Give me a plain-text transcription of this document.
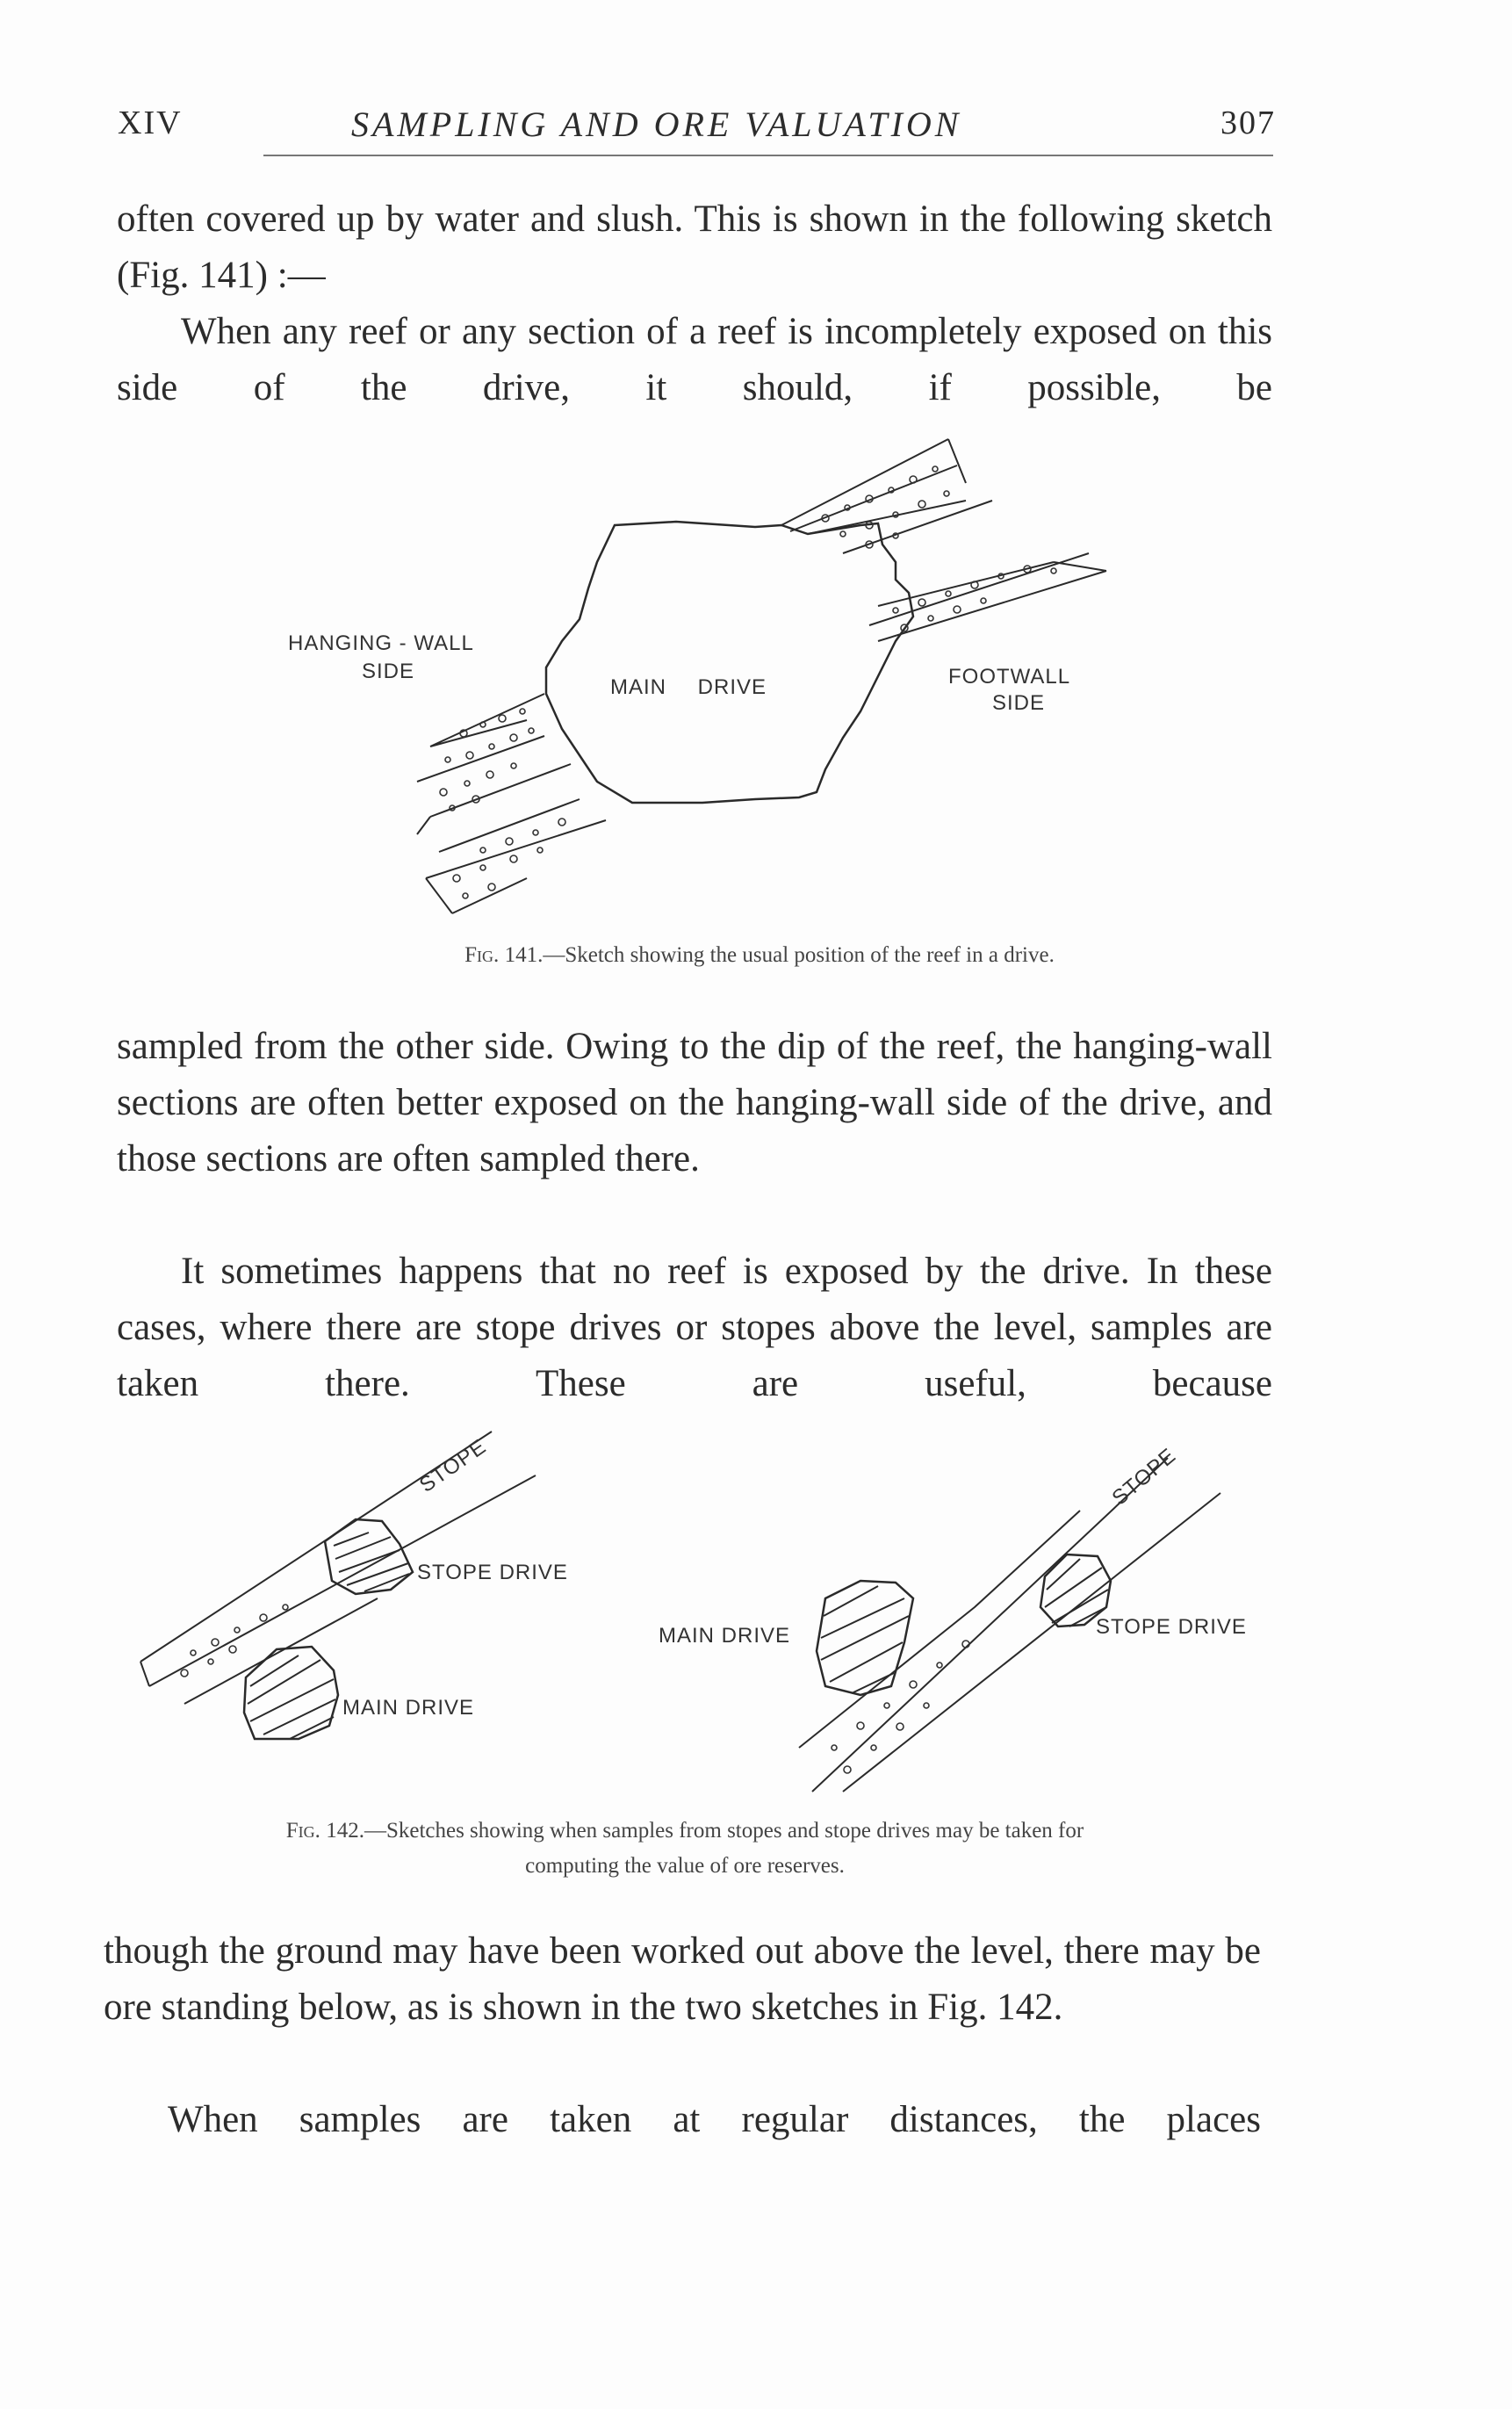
XIV	SAMPLING AND ORE VALUATION	307

often covered up by water and slush. This is shown in the following sketch (Fig. 141) :—

When any reef or any section of a reef is incompletely exposed on this side of the drive, it should, if possible, be

HANGING - WALL
SIDE
MAIN DRIVE	FOOTWALL
SIDE
Fig. 141.—Sketch showing the usual position of the reef in a drive.

sampled from the other side. Owing to the dip of the reef, the hanging-wall sections are often better exposed on the hanging-wall side of the drive, and those sections are often sampled there.

It sometimes happens that no reef is exposed by the drive. In these cases, where there are stope drives or stopes above the level, samples are taken there. These are useful, because

STOPE
STOPE DRIVE
MAIN DRIVE
MAIN DRIVE
STOPE
STOPE DRIVE
Fig. 142.—Sketches showing when samples from stopes and stope drives may be taken for
computing the value of ore reserves.

though the ground may have been worked out above the level, there may be ore standing below, as is shown in the two sketches in Fig. 142.

When samples are taken at regular distances, the places
